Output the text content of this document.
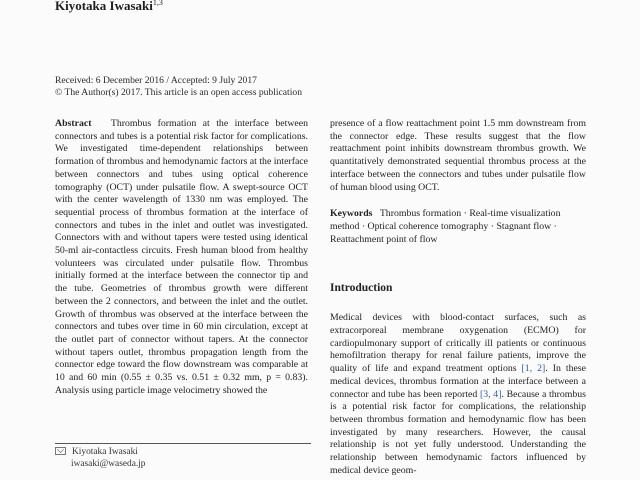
Kiyotaka Iwasaki$^{1,3}$
Received: 6 December 2016 / Accepted: 9 July 2017
© The Author(s) 2017. This article is an open access publication

Abstract Thrombus formation at the interface between connectors and tubes is a potential risk factor for complications. We investigated time-dependent relationships between formation of thrombus and hemodynamic factors at the interface between connectors and tubes using optical coherence tomography (OCT) under pulsatile flow. A swept-source OCT with the center wavelength of 1330 nm was employed. The sequential process of thrombus formation at the interface of connectors and tubes in the inlet and outlet was investigated. Connectors with and without tapers were tested using identical 50-ml air-contactless circuits. Fresh human blood from healthy volunteers was circulated under pulsatile flow. Thrombus initially formed at the interface between the connector tip and the tube. Geometries of thrombus growth were different between the 2 connectors, and between the inlet and the outlet. Growth of thrombus was observed at the interface between the connectors and tubes over time in 60 min circulation, except at the outlet part of connector without tapers. At the connector without tapers outlet, thrombus propagation length from the connector edge toward the flow downstream was comparable at 10 and 60 min (0.55 ± 0.35 vs. 0.51 ± 0.32 mm, p = 0.83). Analysis using particle image velocimetry showed the

presence of a flow reattachment point 1.5 mm downstream from the connector edge. These results suggest that the flow reattachment point inhibits downstream thrombus growth. We quantitatively demonstrated sequential thrombus process at the interface between the connectors and tubes under pulsatile flow of human blood using OCT.

Keywords Thrombus formation · Real-time visualization method · Optical coherence tomography · Stagnant flow · Reattachment point of flow

Introduction

Medical devices with blood-contact surfaces, such as extracorporeal membrane oxygenation (ECMO) for cardiopulmonary support of critically ill patients or continuous hemofiltration therapy for renal failure patients, improve the quality of life and expand treatment options [1, 2]. In these medical devices, thrombus formation at the interface between a connector and tube has been reported [3, 4]. Because a thrombus is a potential risk factor for complications, the relationship between thrombus formation and hemodynamic flow has been investigated by many researchers. However, the causal relationship is not yet fully understood. Understanding the relationship between hemodynamic factors influenced by medical device geom-

Kiyotaka Iwasaki
iwasaki@waseda.jp
